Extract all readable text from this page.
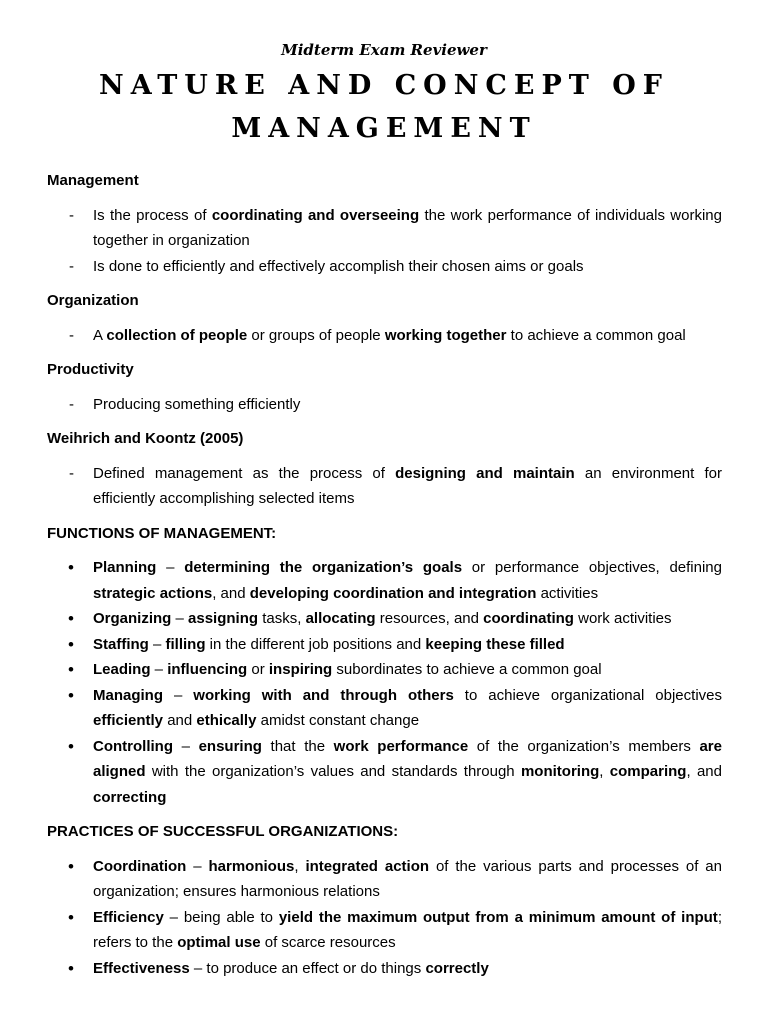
Midterm Exam Reviewer
NATURE AND CONCEPT OF
MANAGEMENT

Management

- Is the process of coordinating and overseeing the work performance of individuals working together in organization
- Is done to efficiently and effectively accomplish their chosen aims or goals

Organization

- A collection of people or groups of people working together to achieve a common goal

Productivity

- Producing something efficiently

Weihrich and Koontz (2005)

- Defined management as the process of designing and maintain an environment for efficiently accomplishing selected items

FUNCTIONS OF MANAGEMENT:

• Planning – determining the organization’s goals or performance objectives, defining strategic actions, and developing coordination and integration activities
• Organizing – assigning tasks, allocating resources, and coordinating work activities
• Staffing – filling in the different job positions and keeping these filled
• Leading – influencing or inspiring subordinates to achieve a common goal
• Managing – working with and through others to achieve organizational objectives efficiently and ethically amidst constant change
• Controlling – ensuring that the work performance of the organization’s members are aligned with the organization’s values and standards through monitoring, comparing, and correcting

PRACTICES OF SUCCESSFUL ORGANIZATIONS:

• Coordination – harmonious, integrated action of the various parts and processes of an organization; ensures harmonious relations
• Efficiency – being able to yield the maximum output from a minimum amount of input; refers to the optimal use of scarce resources
• Effectiveness – to produce an effect or do things correctly
